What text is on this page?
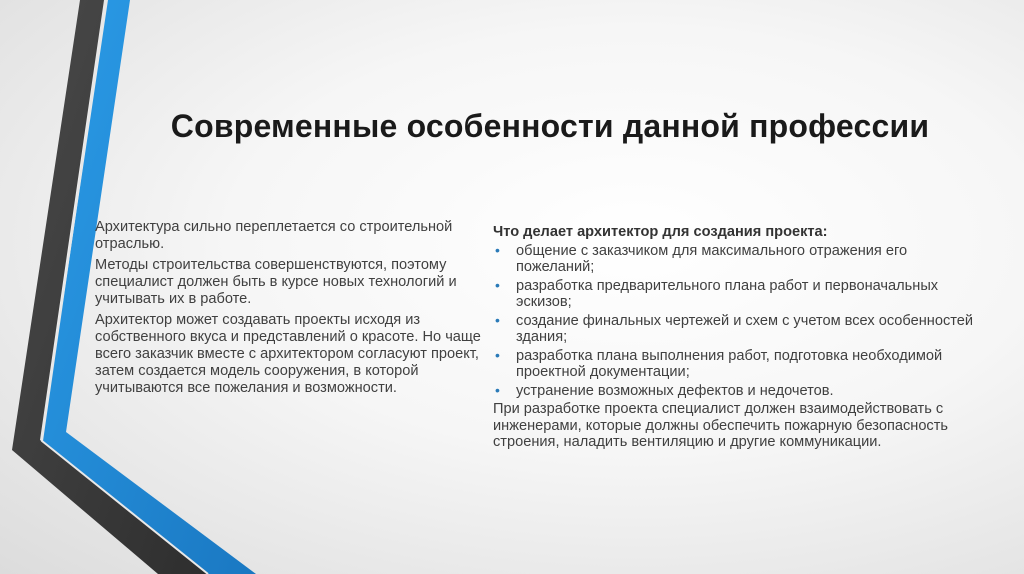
Современные особенности данной профессии

Архитектура сильно переплетается со строительной отраслью.

Методы строительства совершенствуются, поэтому специалист должен быть в курсе новых технологий и учитывать их в работе.

Архитектор может создавать проекты исходя из собственного вкуса и представлений о красоте. Но чаще всего заказчик вместе с архитектором согласуют проект, затем создается модель сооружения, в которой учитываются все пожелания и возможности.

Что делает архитектор для создания проекта:

• общение с заказчиком для максимального отражения его пожеланий;
• разработка предварительного плана работ и первоначальных эскизов;
• создание финальных чертежей и схем с учетом всех особенностей здания;
• разработка плана выполнения работ, подготовка необходимой проектной документации;
• устранение возможных дефектов и недочетов.

При разработке проекта специалист должен взаимодействовать с инженерами, которые должны обеспечить пожарную безопасность строения, наладить вентиляцию и другие коммуникации.
